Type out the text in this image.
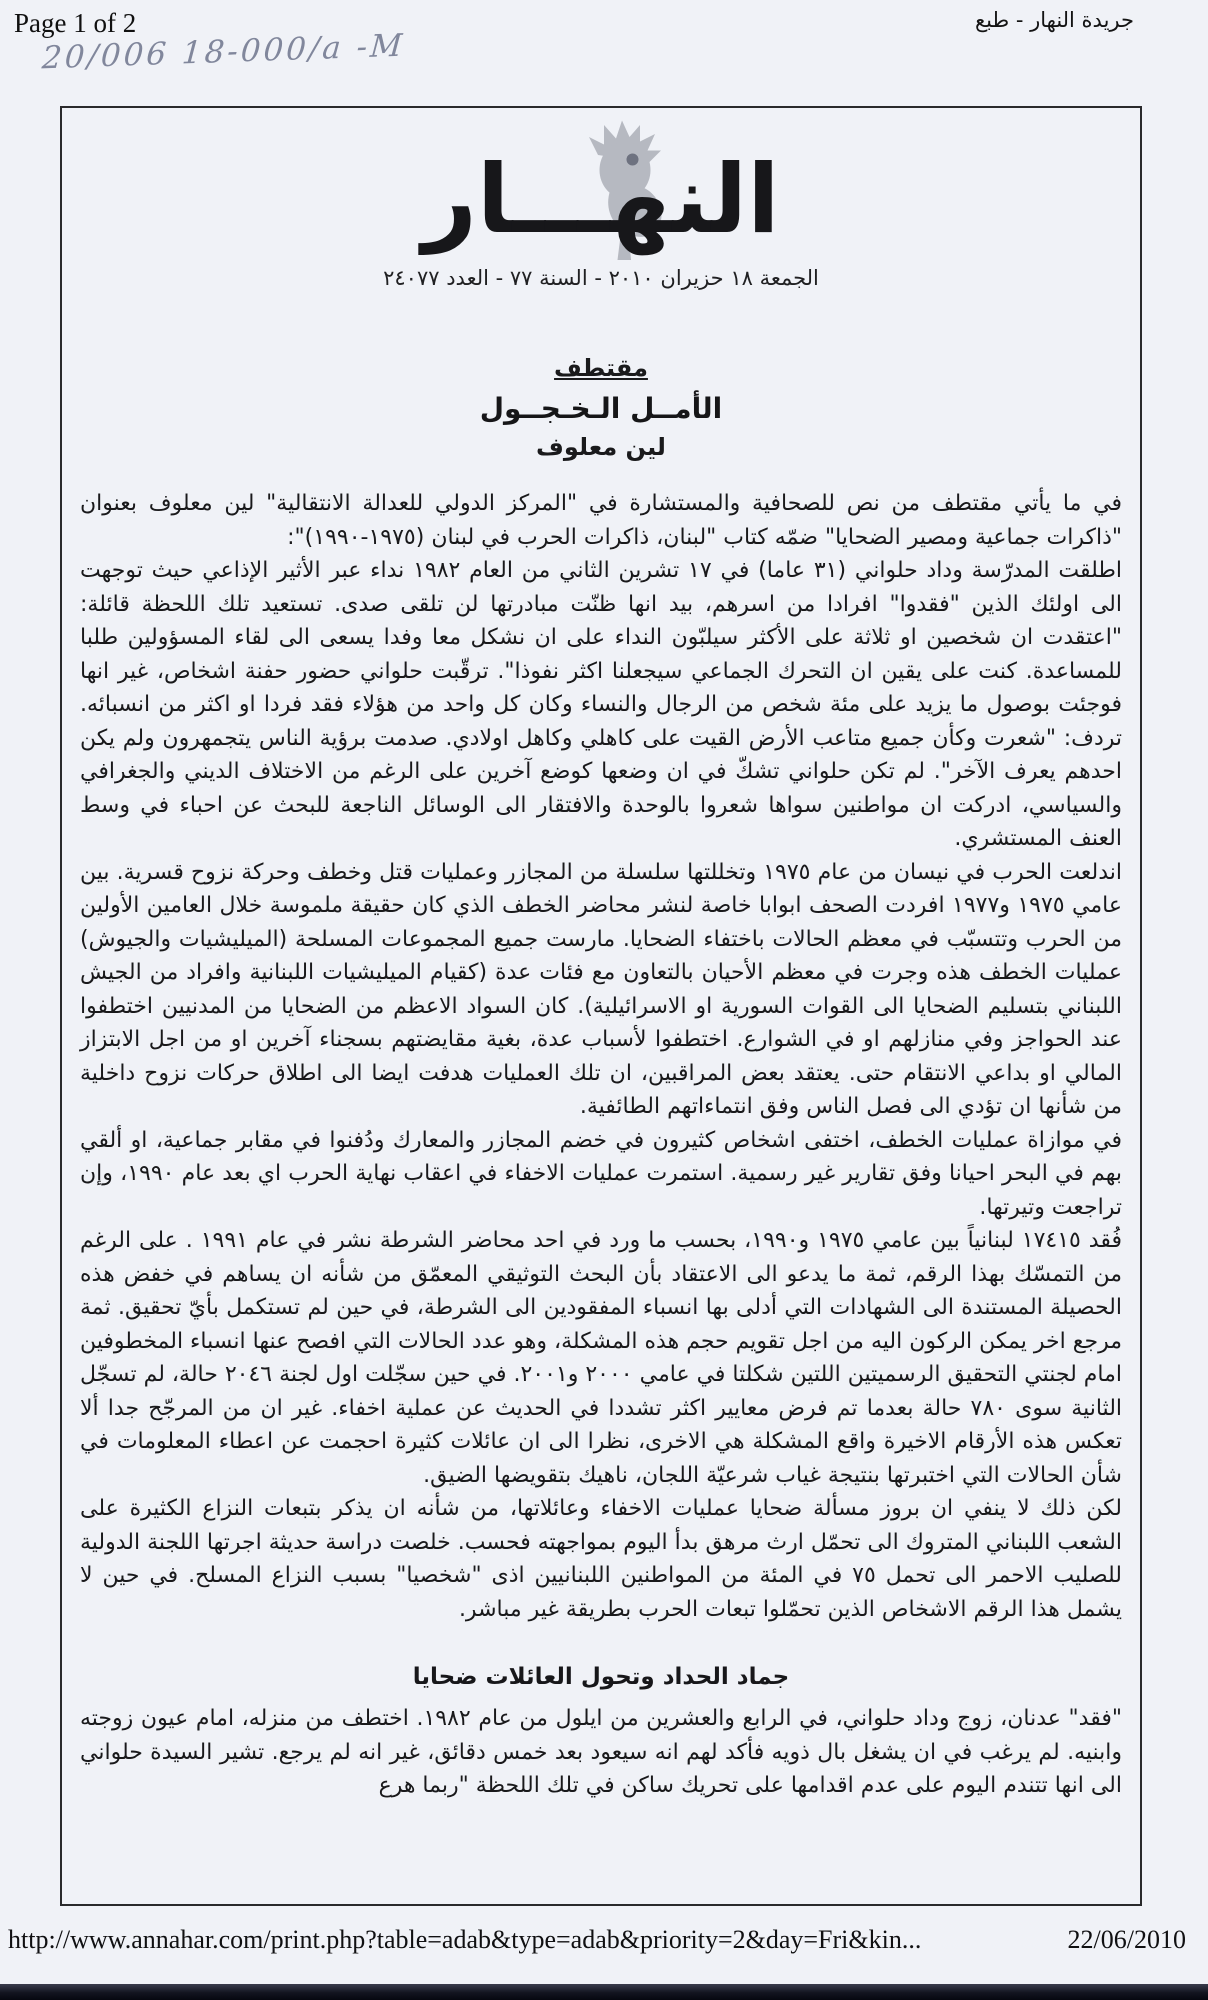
Page 1 of 2	جريدة النهار - طبع
20/006 18-000/a -M
النهـــار
الجمعة ١٨ حزيران ٢٠١٠ - السنة ٧٧ - العدد ٢٤٠٧٧
مقتطف
الأمــل الـخـجــول
لين معلوف

في ما يأتي مقتطف من نص للصحافية والمستشارة في "المركز الدولي للعدالة الانتقالية" لين معلوف بعنوان "ذاكرات جماعية ومصير الضحايا" ضمّه كتاب "لبنان، ذاكرات الحرب في لبنان (١٩٧٥-١٩٩٠)":

اطلقت المدرّسة وداد حلواني (٣١ عاما) في ١٧ تشرين الثاني من العام ١٩٨٢ نداء عبر الأثير الإذاعي حيث توجهت الى اولئك الذين "فقدوا" افرادا من اسرهم، بيد انها ظنّت مبادرتها لن تلقى صدى. تستعيد تلك اللحظة قائلة: "اعتقدت ان شخصين او ثلاثة على الأكثر سيلبّون النداء على ان نشكل معا وفدا يسعى الى لقاء المسؤولين طلبا للمساعدة. كنت على يقين ان التحرك الجماعي سيجعلنا اكثر نفوذا". ترقّبت حلواني حضور حفنة اشخاص، غير انها فوجئت بوصول ما يزيد على مئة شخص من الرجال والنساء وكان كل واحد من هؤلاء فقد فردا او اكثر من انسبائه. تردف: "شعرت وكأن جميع متاعب الأرض القيت على كاهلي وكاهل اولادي. صدمت برؤية الناس يتجمهرون ولم يكن احدهم يعرف الآخر". لم تكن حلواني تشكّ في ان وضعها كوضع آخرين على الرغم من الاختلاف الديني والجغرافي والسياسي، ادركت ان مواطنين سواها شعروا بالوحدة والافتقار الى الوسائل الناجعة للبحث عن احباء في وسط العنف المستشري.

اندلعت الحرب في نيسان من عام ١٩٧٥ وتخللتها سلسلة من المجازر وعمليات قتل وخطف وحركة نزوح قسرية. بين عامي ١٩٧٥ و١٩٧٧ افردت الصحف ابوابا خاصة لنشر محاضر الخطف الذي كان حقيقة ملموسة خلال العامين الأولين من الحرب وتتسبّب في معظم الحالات باختفاء الضحايا. مارست جميع المجموعات المسلحة (الميليشيات والجيوش) عمليات الخطف هذه وجرت في معظم الأحيان بالتعاون مع فئات عدة (كقيام الميليشيات اللبنانية وافراد من الجيش اللبناني بتسليم الضحايا الى القوات السورية او الاسرائيلية). كان السواد الاعظم من الضحايا من المدنيين اختطفوا عند الحواجز وفي منازلهم او في الشوارع. اختطفوا لأسباب عدة، بغية مقايضتهم بسجناء آخرين او من اجل الابتزاز المالي او بداعي الانتقام حتى. يعتقد بعض المراقبين، ان تلك العمليات هدفت ايضا الى اطلاق حركات نزوح داخلية من شأنها ان تؤدي الى فصل الناس وفق انتماءاتهم الطائفية.

في موازاة عمليات الخطف، اختفى اشخاص كثيرون في خضم المجازر والمعارك ودُفنوا في مقابر جماعية، او ألقي بهم في البحر احيانا وفق تقارير غير رسمية. استمرت عمليات الاخفاء في اعقاب نهاية الحرب اي بعد عام ١٩٩٠، وإن تراجعت وتيرتها.

فُقد ١٧٤١٥ لبنانياً بين عامي ١٩٧٥ و١٩٩٠، بحسب ما ورد في احد محاضر الشرطة نشر في عام ١٩٩١ . على الرغم من التمسّك بهذا الرقم، ثمة ما يدعو الى الاعتقاد بأن البحث التوثيقي المعمّق من شأنه ان يساهم في خفض هذه الحصيلة المستندة الى الشهادات التي أدلى بها انسباء المفقودين الى الشرطة، في حين لم تستكمل بأيّ تحقيق. ثمة مرجع اخر يمكن الركون اليه من اجل تقويم حجم هذه المشكلة، وهو عدد الحالات التي افصح عنها انسباء المخطوفين امام لجنتي التحقيق الرسميتين اللتين شكلتا في عامي ٢٠٠٠ و٢٠٠١. في حين سجّلت اول لجنة ٢٠٤٦ حالة، لم تسجّل الثانية سوى ٧٨٠ حالة بعدما تم فرض معايير اكثر تشددا في الحديث عن عملية اخفاء. غير ان من المرجّح جدا ألا تعكس هذه الأرقام الاخيرة واقع المشكلة هي الاخرى، نظرا الى ان عائلات كثيرة احجمت عن اعطاء المعلومات في شأن الحالات التي اختبرتها بنتيجة غياب شرعيّة اللجان، ناهيك بتقويضها الضيق.

لكن ذلك لا ينفي ان بروز مسألة ضحايا عمليات الاخفاء وعائلاتها، من شأنه ان يذكر بتبعات النزاع الكثيرة على الشعب اللبناني المتروك الى تحمّل ارث مرهق بدأ اليوم بمواجهته فحسب. خلصت دراسة حديثة اجرتها اللجنة الدولية للصليب الاحمر الى تحمل ٧٥ في المئة من المواطنين اللبنانيين اذى "شخصيا" بسبب النزاع المسلح. في حين لا يشمل هذا الرقم الاشخاص الذين تحمّلوا تبعات الحرب بطريقة غير مباشر.

جماد الحداد وتحول العائلات ضحايا

"فقد" عدنان، زوج وداد حلواني، في الرابع والعشرين من ايلول من عام ١٩٨٢. اختطف من منزله، امام عيون زوجته وابنيه. لم يرغب في ان يشغل بال ذويه فأكد لهم انه سيعود بعد خمس دقائق، غير انه لم يرجع. تشير السيدة حلواني الى انها تتندم اليوم على عدم اقدامها على تحريك ساكن في تلك اللحظة "ربما هرع

http://www.annahar.com/print.php?table=adab&type=adab&priority=2&day=Fri&kin...	22/06/2010
